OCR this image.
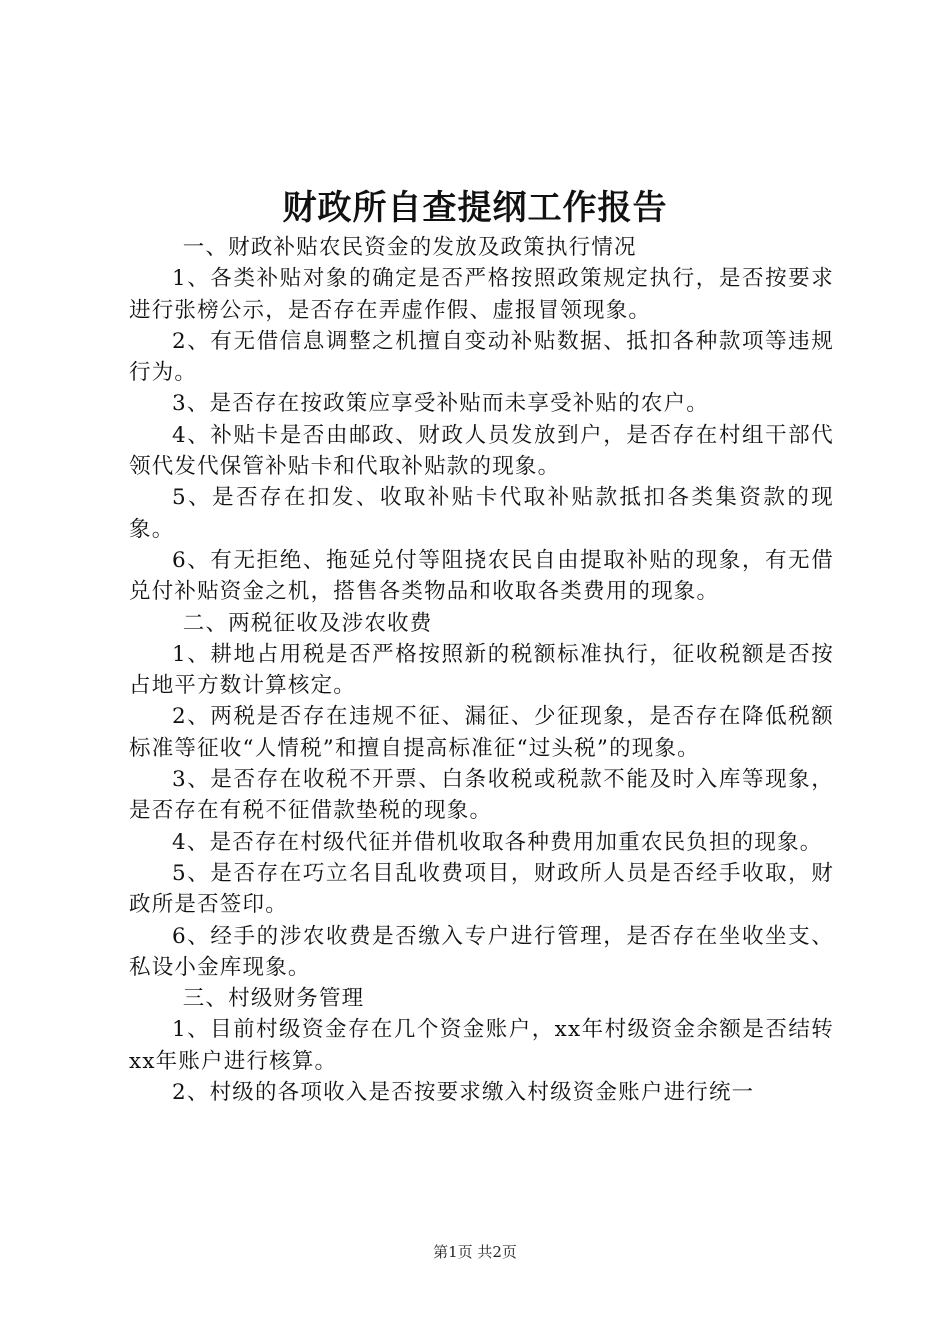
财政所自查提纲工作报告

一、财政补贴农民资金的发放及政策执行情况

1、各类补贴对象的确定是否严格按照政策规定执行，是否按要求进行张榜公示，是否存在弄虚作假、虚报冒领现象。

2、有无借信息调整之机擅自变动补贴数据、抵扣各种款项等违规行为。

3、是否存在按政策应享受补贴而未享受补贴的农户。

4、补贴卡是否由邮政、财政人员发放到户，是否存在村组干部代领代发代保管补贴卡和代取补贴款的现象。

5、是否存在扣发、收取补贴卡代取补贴款抵扣各类集资款的现象。

6、有无拒绝、拖延兑付等阻挠农民自由提取补贴的现象，有无借兑付补贴资金之机，搭售各类物品和收取各类费用的现象。

二、两税征收及涉农收费

1、耕地占用税是否严格按照新的税额标准执行，征收税额是否按占地平方数计算核定。

2、两税是否存在违规不征、漏征、少征现象，是否存在降低税额标准等征收“人情税”和擅自提高标准征“过头税”的现象。

3、是否存在收税不开票、白条收税或税款不能及时入库等现象，是否存在有税不征借款垫税的现象。

4、是否存在村级代征并借机收取各种费用加重农民负担的现象。

5、是否存在巧立名目乱收费项目，财政所人员是否经手收取，财政所是否签印。

6、经手的涉农收费是否缴入专户进行管理，是否存在坐收坐支、私设小金库现象。

三、村级财务管理

1、目前村级资金存在几个资金账户，xx年村级资金余额是否结转xx年账户进行核算。

2、村级的各项收入是否按要求缴入村级资金账户进行统一

第1页 共2页
